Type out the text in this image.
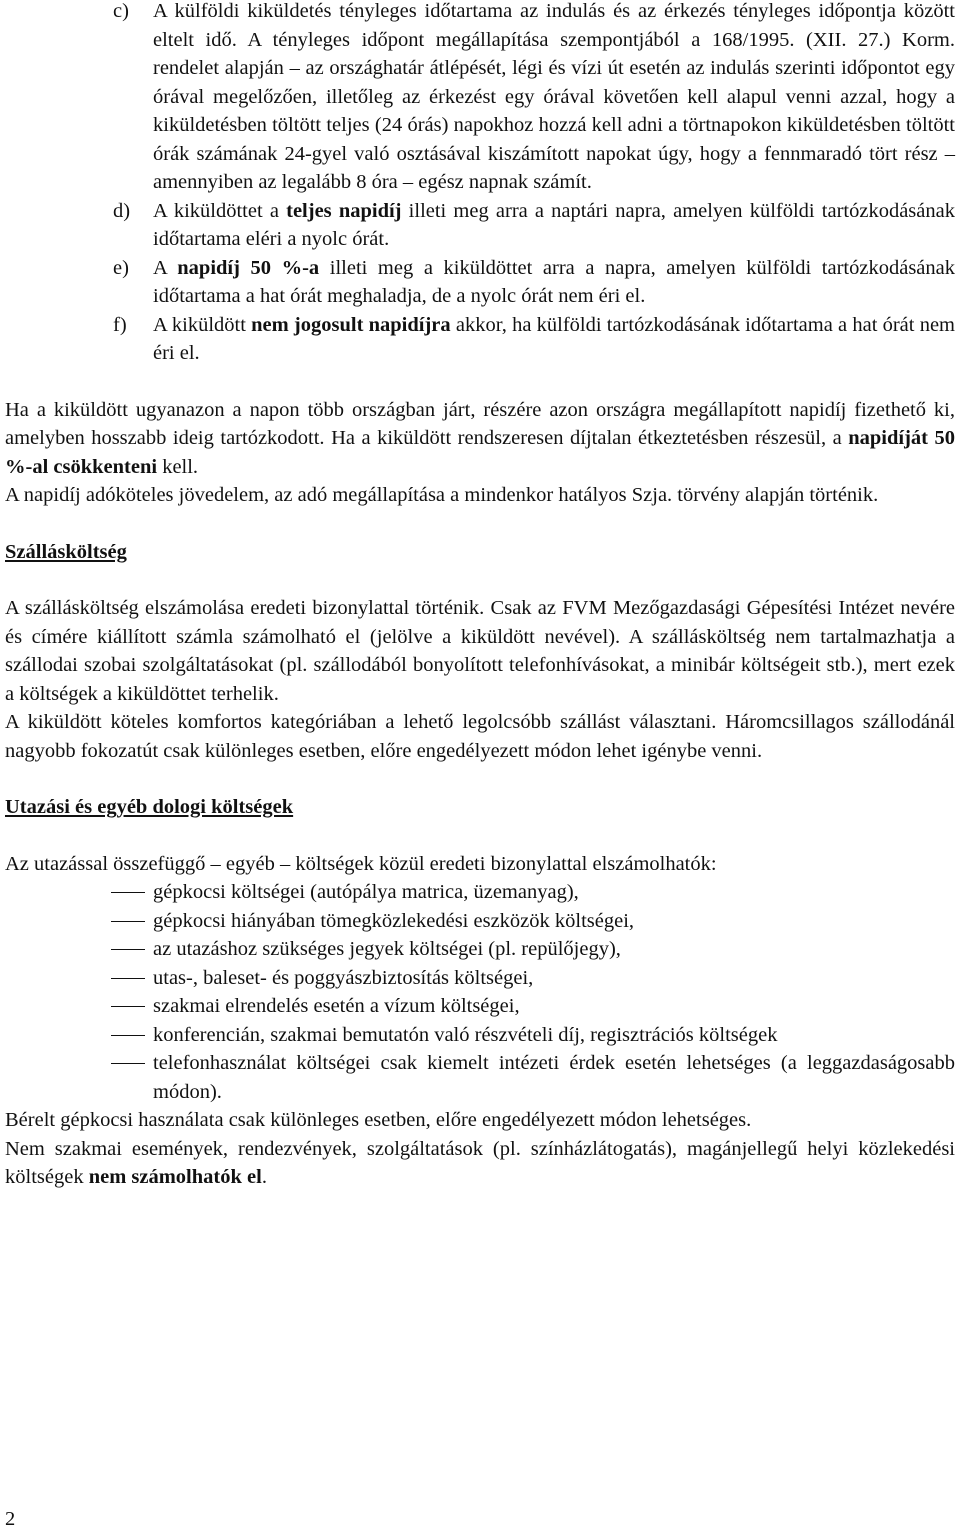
c)	A külföldi kiküldetés tényleges időtartama az indulás és az érkezés tényleges időpontja között eltelt idő. A tényleges időpont megállapítása szempontjából a 168/1995. (XII. 27.) Korm. rendelet alapján – az országhatár átlépését, légi és vízi út esetén az indulás szerinti időpontot egy órával megelőzően, illetőleg az érkezést egy órával követően kell alapul venni azzal, hogy a kiküldetésben töltött teljes (24 órás) napokhoz hozzá kell adni a törtnapokon kiküldetésben töltött órák számának 24-gyel való osztásával kiszámított napokat úgy, hogy a fennmaradó tört rész – amennyiben az legalább 8 óra – egész napnak számít.

d)	A kiküldöttet a teljes napidíj illeti meg arra a naptári napra, amelyen külföldi tartózkodásának időtartama eléri a nyolc órát.

e)	A napidíj 50 %-a illeti meg a kiküldöttet arra a napra, amelyen külföldi tartózkodásának időtartama a hat órát meghaladja, de a nyolc órát nem éri el.

f)	A kiküldött nem jogosult napidíjra akkor, ha külföldi tartózkodásának időtartama a hat órát nem éri el.

Ha a kiküldött ugyanazon a napon több országban járt, részére azon országra megállapított napidíj fizethető ki, amelyben hosszabb ideig tartózkodott. Ha a kiküldött rendszeresen díjtalan étkeztetésben részesül, a napidíját 50 %-al csökkenteni kell.

A napidíj adóköteles jövedelem, az adó megállapítása a mindenkor hatályos Szja. törvény alapján történik.

Szállásköltség

A szállásköltség elszámolása eredeti bizonylattal történik. Csak az FVM Mezőgazdasági Gépesítési Intézet nevére és címére kiállított számla számolható el (jelölve a kiküldött nevével). A szállásköltség nem tartalmazhatja a szállodai szobai szolgáltatásokat (pl. szállodából bonyolított telefonhívásokat, a minibár költségeit stb.), mert ezek a költségek a kiküldöttet terhelik.

A kiküldött köteles komfortos kategóriában a lehető legolcsóbb szállást választani. Háromcsillagos szállodánál nagyobb fokozatút csak különleges esetben, előre engedélyezett módon lehet igénybe venni.

Utazási és egyéb dologi költségek

Az utazással összefüggő – egyéb – költségek közül eredeti bizonylattal elszámolhatók:

gépkocsi költségei (autópálya matrica, üzemanyag),

gépkocsi hiányában tömegközlekedési eszközök költségei,

az utazáshoz szükséges jegyek költségei (pl. repülőjegy),

utas-, baleset- és poggyászbiztosítás költségei,

szakmai elrendelés esetén a vízum költségei,

konferencián, szakmai bemutatón való részvételi díj, regisztrációs költségek

telefonhasználat költségei csak kiemelt intézeti érdek esetén lehetséges (a leggazdaságosabb módon).

Bérelt gépkocsi használata csak különleges esetben, előre engedélyezett módon lehetséges.

Nem szakmai események, rendezvények, szolgáltatások (pl. színházlátogatás), magánjellegű helyi közlekedési költségek nem számolhatók el.

2
